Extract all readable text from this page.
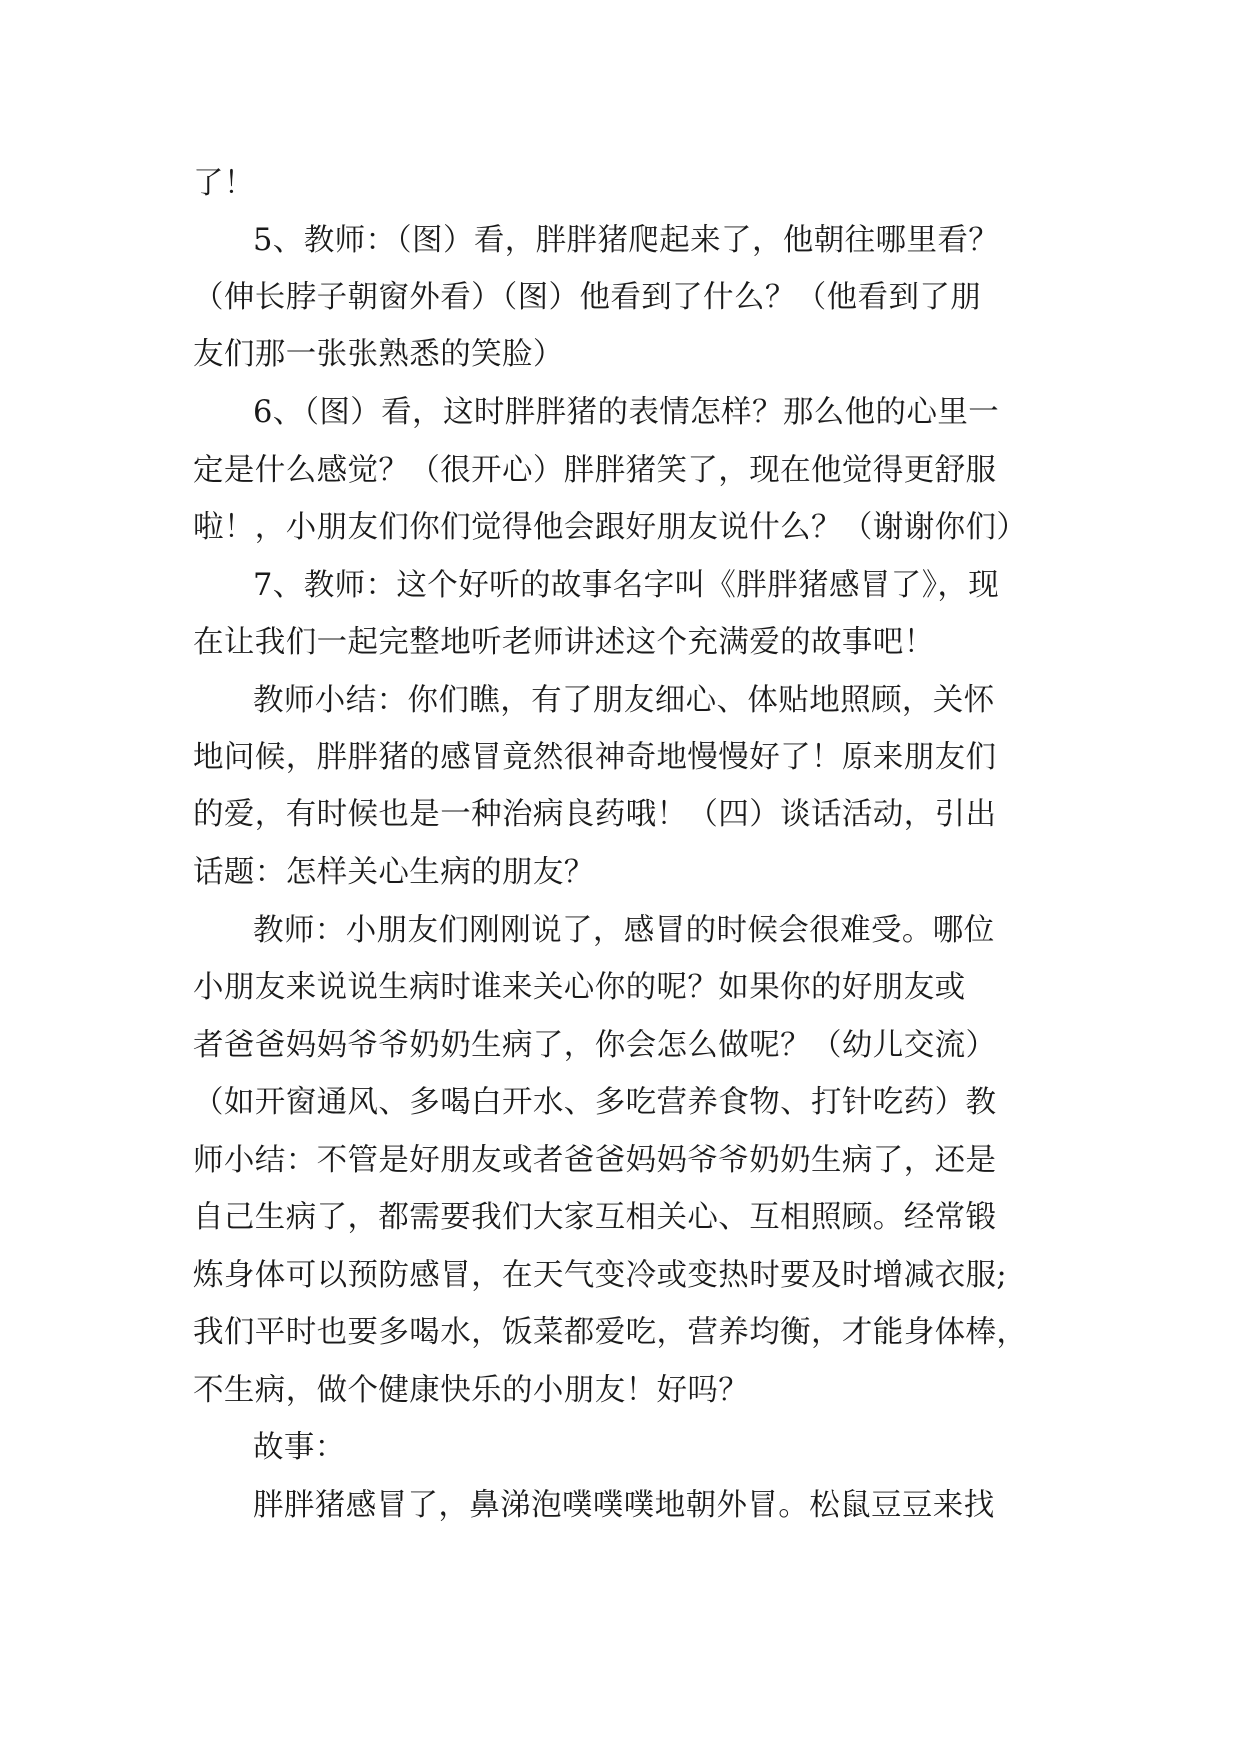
了！
5、教师：（图）看，胖胖猪爬起来了，他朝往哪里看？
（伸长脖子朝窗外看）（图）他看到了什么？（他看到了朋
友们那一张张熟悉的笑脸）
6、（图）看，这时胖胖猪的表情怎样？那么他的心里一
定是什么感觉？（很开心）胖胖猪笑了，现在他觉得更舒服
啦！，小朋友们你们觉得他会跟好朋友说什么？（谢谢你们）
7、教师：这个好听的故事名字叫《胖胖猪感冒了》，现
在让我们一起完整地听老师讲述这个充满爱的故事吧！
教师小结：你们瞧，有了朋友细心、体贴地照顾，关怀
地问候，胖胖猪的感冒竟然很神奇地慢慢好了！原来朋友们
的爱，有时候也是一种治病良药哦！（四）谈话活动，引出
话题：怎样关心生病的朋友？
教师：小朋友们刚刚说了，感冒的时候会很难受。哪位
小朋友来说说生病时谁来关心你的呢？如果你的好朋友或
者爸爸妈妈爷爷奶奶生病了，你会怎么做呢？（幼儿交流）
（如开窗通风、多喝白开水、多吃营养食物、打针吃药）教
师小结：不管是好朋友或者爸爸妈妈爷爷奶奶生病了，还是
自己生病了，都需要我们大家互相关心、互相照顾。经常锻
炼身体可以预防感冒，在天气变冷或变热时要及时增减衣服;
我们平时也要多喝水，饭菜都爱吃，营养均衡，才能身体棒，
不生病，做个健康快乐的小朋友！好吗？
故事：
胖胖猪感冒了，鼻涕泡噗噗噗地朝外冒。松鼠豆豆来找
